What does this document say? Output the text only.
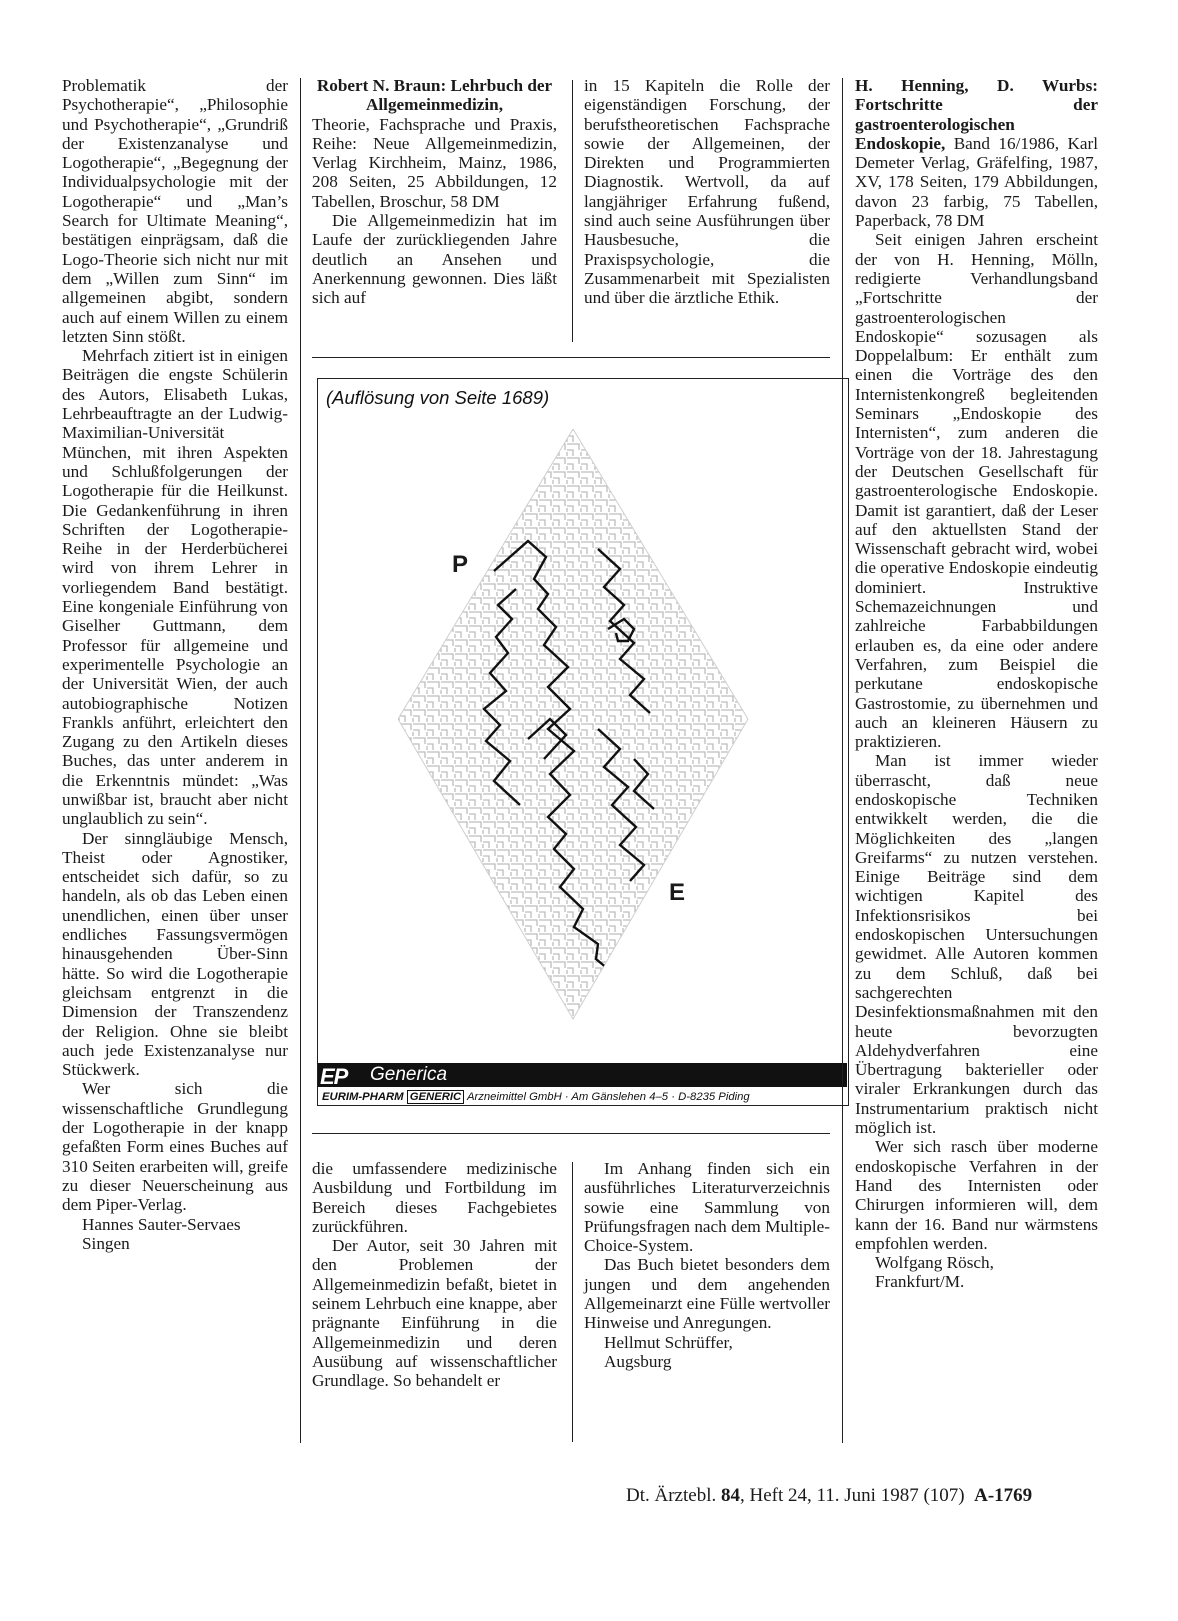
Problematik der Psychotherapie“, „Philosophie und Psychotherapie“, „Grundriß der Existenzanalyse und Logotherapie“, „Begegnung der Individualpsychologie mit der Logotherapie“ und „Man’s Search for Ultimate Meaning“, bestätigen einprägsam, daß die Logo-Theorie sich nicht nur mit dem „Willen zum Sinn“ im allgemeinen abgibt, sondern auch auf einem Willen zu einem letzten Sinn stößt.

Mehrfach zitiert ist in einigen Beiträgen die engste Schülerin des Autors, Elisabeth Lukas, Lehrbeauftragte an der Ludwig-Maximilian-Universität München, mit ihren Aspekten und Schlußfolgerungen der Logotherapie für die Heilkunst. Die Gedankenführung in ihren Schriften der Logotherapie-Reihe in der Herderbücherei wird von ihrem Lehrer in vorliegendem Band bestätigt. Eine kongeniale Einführung von Giselher Guttmann, dem Professor für allgemeine und experimentelle Psychologie an der Universität Wien, der auch autobiographische Notizen Frankls anführt, erleichtert den Zugang zu den Artikeln dieses Buches, das unter anderem in die Erkenntnis mündet: „Was unwißbar ist, braucht aber nicht unglaublich zu sein“.

Der sinngläubige Mensch, Theist oder Agnostiker, entscheidet sich dafür, so zu handeln, als ob das Leben einen unendlichen, einen über unser endliches Fassungsvermögen hinausgehenden Über-Sinn hätte. So wird die Logotherapie gleichsam entgrenzt in die Dimension der Transzendenz der Religion. Ohne sie bleibt auch jede Existenzanalyse nur Stückwerk.

Wer sich die wissenschaftliche Grundlegung der Logotherapie in der knapp gefaßten Form eines Buches auf 310 Seiten erarbeiten will, greife zu dieser Neuerscheinung aus dem Piper-Verlag.

Hannes Sauter-Servaes

Singen

Robert N. Braun: Lehrbuch der Allgemeinmedizin,

Theorie, Fachsprache und Praxis, Reihe: Neue Allgemeinmedizin, Verlag Kirchheim, Mainz, 1986, 208 Seiten, 25 Abbildungen, 12 Tabellen, Broschur, 58 DM

Die Allgemeinmedizin hat im Laufe der zurückliegenden Jahre deutlich an Ansehen und Anerkennung gewonnen. Dies läßt sich auf

in 15 Kapiteln die Rolle der eigenständigen Forschung, der berufstheoretischen Fachsprache sowie der Allgemeinen, der Direkten und Programmierten Diagnostik. Wertvoll, da auf langjähriger Erfahrung fußend, sind auch seine Ausführungen über Hausbesuche, die Praxispsychologie, die Zusammenarbeit mit Spezialisten und über die ärztliche Ethik.

(Auflösung von Seite 1689)
P
E
EP Generica
EURIM-PHARM GENERIC Arzneimittel GmbH · Am Gänslehen 4–5 · D-8235 Piding

die umfassendere medizinische Ausbildung und Fortbildung im Bereich dieses Fachgebietes zurückführen.

Der Autor, seit 30 Jahren mit den Problemen der Allgemeinmedizin befaßt, bietet in seinem Lehrbuch eine knappe, aber prägnante Einführung in die Allgemeinmedizin und deren Ausübung auf wissenschaftlicher Grundlage. So behandelt er

Im Anhang finden sich ein ausführliches Literaturverzeichnis sowie eine Sammlung von Prüfungsfragen nach dem Multiple-Choice-System.

Das Buch bietet besonders dem jungen und dem angehenden Allgemeinarzt eine Fülle wertvoller Hinweise und Anregungen.

Hellmut Schrüffer,

Augsburg

H. Henning, D. Wurbs: Fortschritte der gastroenterologischen Endoskopie, Band 16/1986, Karl Demeter Verlag, Gräfelfing, 1987, XV, 178 Seiten, 179 Abbildungen, davon 23 farbig, 75 Tabellen, Paperback, 78 DM

Seit einigen Jahren erscheint der von H. Henning, Mölln, redigierte Verhandlungsband „Fortschritte der gastroenterologischen Endoskopie“ sozusagen als Doppelalbum: Er enthält zum einen die Vorträge des den Internistenkongreß begleitenden Seminars „Endoskopie des Internisten“, zum anderen die Vorträge von der 18. Jahrestagung der Deutschen Gesellschaft für gastroenterologische Endoskopie. Damit ist garantiert, daß der Leser auf den aktuellsten Stand der Wissenschaft gebracht wird, wobei die operative Endoskopie eindeutig dominiert. Instruktive Schemazeichnungen und zahlreiche Farbabbildungen erlauben es, da eine oder andere Verfahren, zum Beispiel die perkutane endoskopische Gastrostomie, zu übernehmen und auch an kleineren Häusern zu praktizieren.

Man ist immer wieder überrascht, daß neue endoskopische Techniken entwikkelt werden, die die Möglichkeiten des „langen Greifarms“ zu nutzen verstehen. Einige Beiträge sind dem wichtigen Kapitel des Infektionsrisikos bei endoskopischen Untersuchungen gewidmet. Alle Autoren kommen zu dem Schluß, daß bei sachgerechten Desinfektionsmaßnahmen mit den heute bevorzugten Aldehydverfahren eine Übertragung bakterieller oder viraler Erkrankungen durch das Instrumentarium praktisch nicht möglich ist.

Wer sich rasch über moderne endoskopische Verfahren in der Hand des Internisten oder Chirurgen informieren will, dem kann der 16. Band nur wärmstens empfohlen werden.

Wolfgang Rösch,

Frankfurt/M.

Dt. Ärztebl. 84, Heft 24, 11. Juni 1987 (107) A-1769
